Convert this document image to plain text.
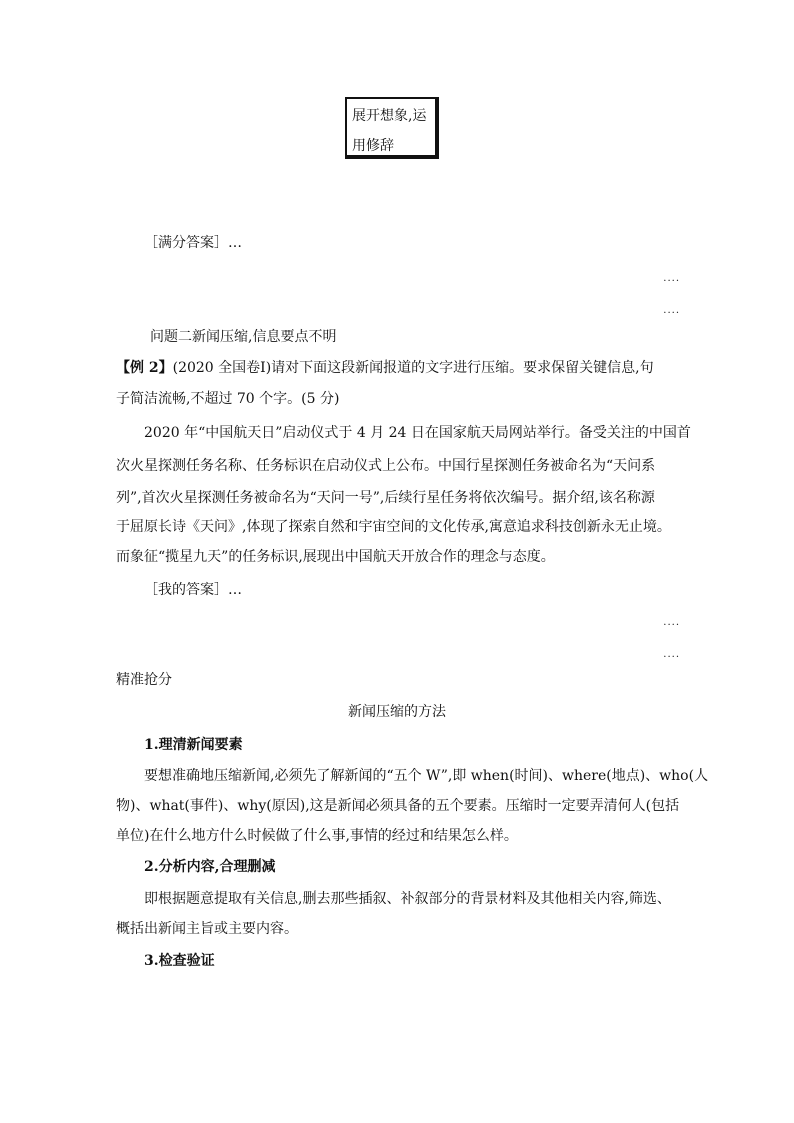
展开想象,运
用修辞
［满分答案］…
....
....
问题二新闻压缩,信息要点不明
【例 2】(2020 全国卷Ⅰ)请对下面这段新闻报道的文字进行压缩。要求保留关键信息,句
子简洁流畅,不超过 70 个字。(5 分)
2020 年“中国航天日”启动仪式于 4 月 24 日在国家航天局网站举行。备受关注的中国首
次火星探测任务名称、任务标识在启动仪式上公布。中国行星探测任务被命名为“天问系
列”,首次火星探测任务被命名为“天问一号”,后续行星任务将依次编号。据介绍,该名称源
于屈原长诗《天问》,体现了探索自然和宇宙空间的文化传承,寓意追求科技创新永无止境。
而象征“揽星九天”的任务标识,展现出中国航天开放合作的理念与态度。
［我的答案］…
....
....
精准抢分
新闻压缩的方法
1.理清新闻要素
要想准确地压缩新闻,必须先了解新闻的“五个 W”,即 when(时间)、where(地点)、who(人
物)、what(事件)、why(原因),这是新闻必须具备的五个要素。压缩时一定要弄清何人(包括
单位)在什么地方什么时候做了什么事,事情的经过和结果怎么样。
2.分析内容,合理删减
即根据题意提取有关信息,删去那些插叙、补叙部分的背景材料及其他相关内容,筛选、
概括出新闻主旨或主要内容。
3.检查验证
